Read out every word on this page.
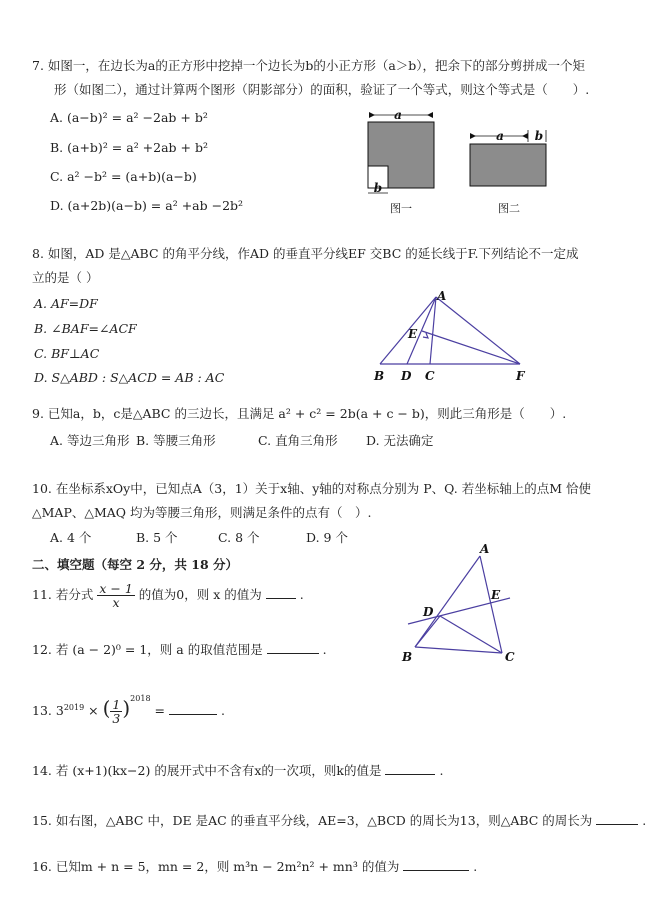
7. 如图一，在边长为a的正方形中挖掉一个边长为b的小正方形（a＞b），把余下的部分剪拼成一个矩
形（如图二），通过计算两个图形（阴影部分）的面积，验证了一个等式，则这个等式是（　　）.
A. (a−b)² = a² −2ab + b²
B. (a+b)² = a² +2ab + b²
C. a² −b² = (a+b)(a−b)
D. (a+2b)(a−b) = a² +ab −2b²
a
b
图一
a	b
图二
A
B D C	F
E
A
D
E
B	C
8. 如图，AD 是△ABC 的角平分线，作AD 的垂直平分线EF 交BC 的延长线于F.下列结论不一定成
立的是（ ）
A. AF=DF
B. ∠BAF=∠ACF
C. BF⊥AC
D. S△ABD : S△ACD = AB : AC
9. 已知a，b，c是△ABC 的三边长，且满足 a² + c² = 2b(a + c − b)，则此三角形是（　　）.
A. 等边三角形 B. 等腰三角形	C. 直角三角形 D. 无法确定
10. 在坐标系xOy中，已知点A（3，1）关于x轴、y轴的对称点分别为 P、Q. 若坐标轴上的点M 恰使
△MAP、△MAQ 均为等腰三角形，则满足条件的点有（　）.
A. 4 个	B. 5 个	C. 8 个	D. 9 个
二、填空题（每空 2 分，共 18 分）
11. 若分式 $\frac{x - 1}{x}$ 的值为0，则 x 的值为	.
12. 若 (a − 2)⁰ = 1，则 a 的取值范围是	.
13. $3^{2019}$ × ( $\frac{1}{3} )^{2018}$ =	.
14. 若 (x+1)(kx−2) 的展开式中不含有x的一次项，则k的值是	.
15. 如右图，△ABC 中，DE 是AC 的垂直平分线，AE=3，△BCD 的周长为13，则△ABC 的周长为	.
16. 已知m + n = 5，mn = 2，则 m³n − 2m²n² + mn³ 的值为	.
